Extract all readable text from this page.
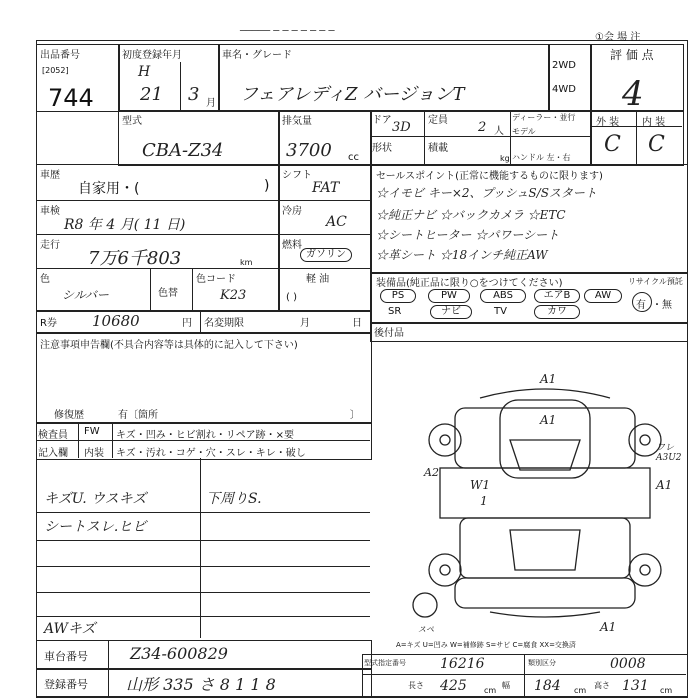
───── ─ ─ ─ ─ ─ ─ ─
①会 場 注
出品番号
[2052]
744
初度登録年月
H
21 3 月
車名・グレード
フェアレディZ バージョンT
2WD
4WD
評 価 点
4
型式
CBA-Z34
排気量
3700 cc
ドア 3D 定員 2 人
ディーラー・並行
モデル
形状	積載
kg ハンドル 左・右
外 装 内 装
C C
車歴
自家用・(	)
シフト
FAT
車検
R8 年 4 月( 11 日)
冷房
AC
走行
7万6千803	km
燃料
ガソリン
軽 油
( )
色
シルバー	色替
色コード
K23
R券 10680	円 名変期限	月	日
注意事項申告欄(不具合内容等は具体的に記入して下さい)
修復歴	有〔箇所	〕
検査員
記入欄
FW キズ・凹み・ヒビ割れ・リペア跡・×要
内装 キズ・汚れ・コゲ・穴・スレ・キレ・破し
キズU. ウスキズ	下周りS.
シートスレ.ヒビ
AWキズ
セールスポイント(正常に機能するものに限ります)
☆イモビ キー×2、プッシュS/Sスタート
☆純正ナビ ☆バックカメラ ☆ETC
☆シートヒーター ☆パワーシート
☆革シート ☆18インチ純正AW
装備品(純正品に限り○をつけてください)	リサイクル預託
PS	PW	ABS	エアB	AW
SR	ナビ	TV	カワ
有 ・無
後付品
A1
A1
W1
1
A2
ワレ A3U2
A1
A1
スペ
A=キズ U=凹み W=補修跡 S=サビ C=腐食 XX=交換済
車台番号	Z34-600829
登録番号 山形 335 さ 8 1 1 8
型式指定番号 16216	類別区分	0008
長さ 425 cm
幅 184 cm
高さ 131 cm
